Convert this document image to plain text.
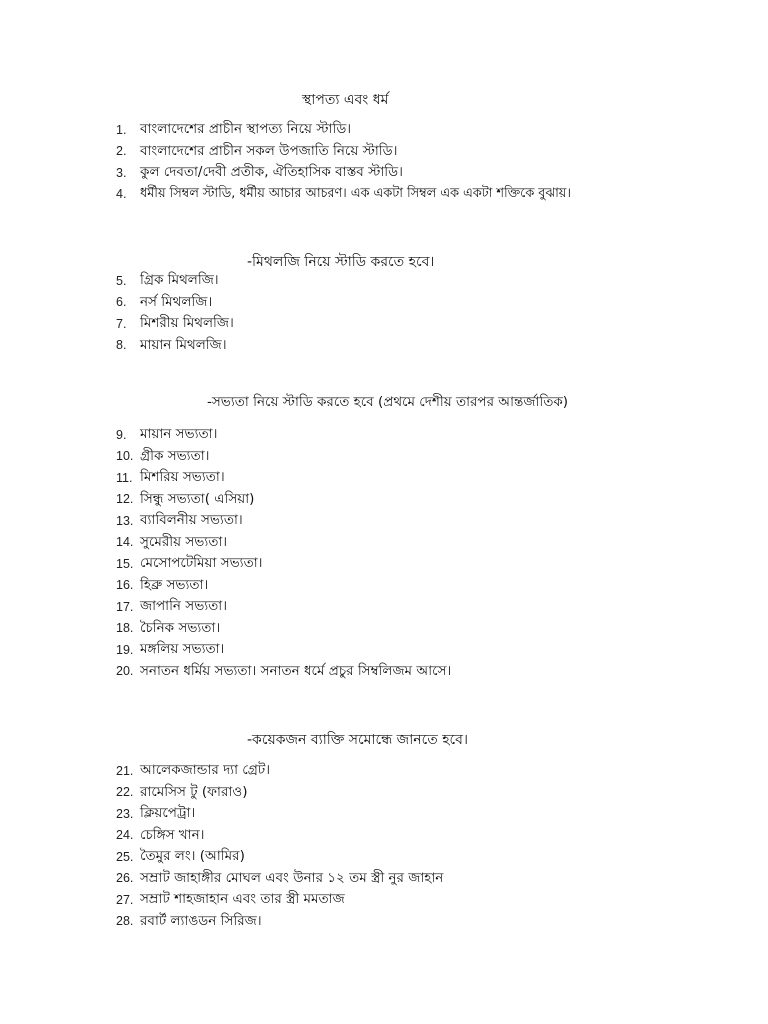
স্থাপত্য এবং ধর্ম
1.	বাংলাদেশের প্রাচীন স্থাপত্য নিয়ে স্টাডি।
2.	বাংলাদেশের প্রাচীন সকল উপজাতি নিয়ে স্টাডি।
3.	কুল দেবতা/দেবী প্রতীক, ঐতিহাসিক বাস্তব স্টাডি।
4.	ধর্মীয় সিম্বল স্টাডি, ধর্মীয় আচার আচরণ। এক একটা সিম্বল এক একটা শক্তিকে বুঝায়।
-মিথলজি নিয়ে স্টাডি করতে হবে।
5.	গ্রিক মিথলজি।
6.	নর্স মিথলজি।
7.	মিশরীয় মিথলজি।
8.	মায়ান মিথলজি।
-সভ্যতা নিয়ে স্টাডি করতে হবে (প্রথমে দেশীয় তারপর আন্তর্জাতিক)
9.	মায়ান সভ্যতা।
10. গ্রীক সভ্যতা।
11. মিশরিয় সভ্যতা।
12. সিন্ধু সভ্যতা( এসিয়া)
13. ব্যাবিলনীয় সভ্যতা।
14. সুমেরীয় সভ্যতা।
15. মেসোপটেমিয়া সভ্যতা।
16. হিব্রু সভ্যতা।
17. জাপানি সভ্যতা।
18. চৈনিক সভ্যতা।
19. মঙ্গলিয় সভ্যতা।
20. সনাতন ধর্মিয় সভ্যতা। সনাতন ধর্মে প্রচুর সিম্বলিজম আসে।
-কয়েকজন ব্যাক্তি সমোন্ধে জানতে হবে।
21. আলেকজান্ডার দ্যা গ্রেট।
22. রামেসিস টু (ফারাও)
23. ক্লিয়পেট্রা।
24. চেঙ্গিস খান।
25. তৈমুর লং। (আমির)
26. সম্রাট জাহাঙ্গীর মোঘল এবং উনার ১২ তম স্ত্রী নুর জাহান
27. সম্রাট শাহজাহান এবং তার স্ত্রী মমতাজ
28. রবার্ট ল্যাঙডন সিরিজ।
